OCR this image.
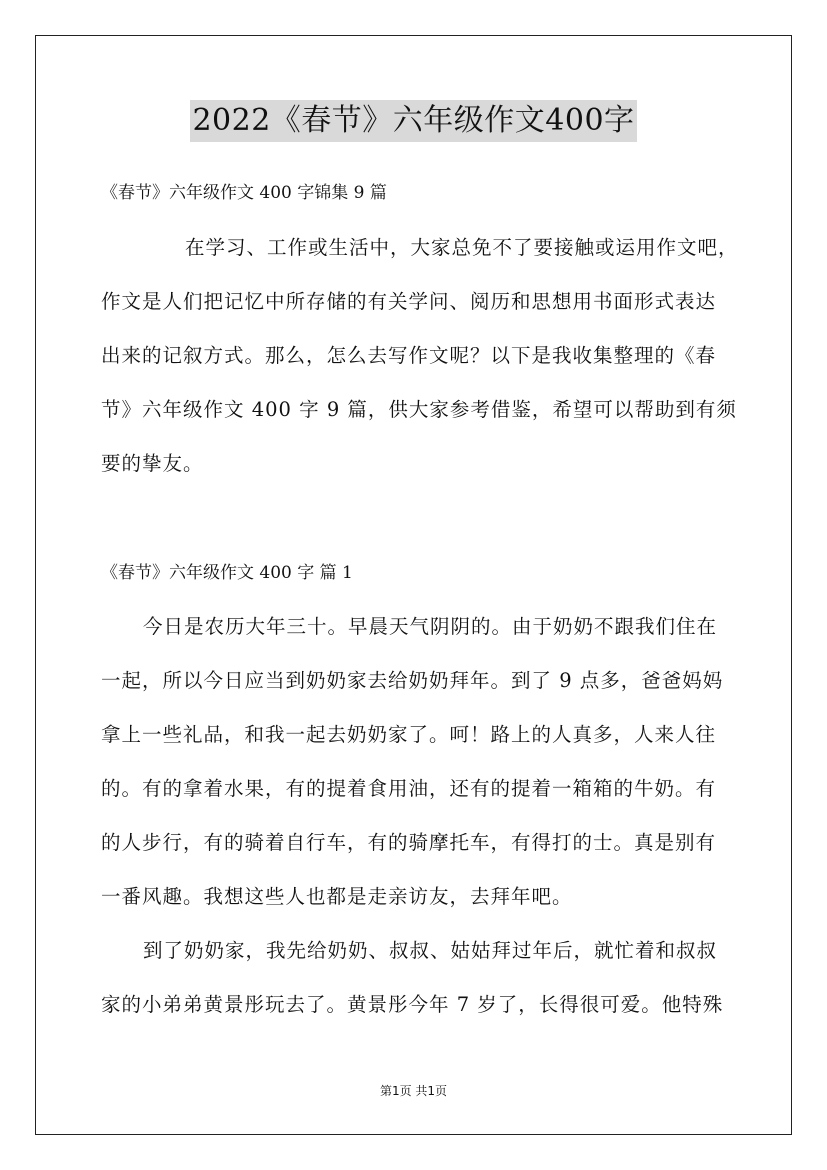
2022《春节》六年级作文400字
《春节》六年级作文 400 字锦集 9 篇
在学习、工作或生活中，大家总免不了要接触或运用作文吧，
作文是人们把记忆中所存储的有关学问、阅历和思想用书面形式表达
出来的记叙方式。那么，怎么去写作文呢？以下是我收集整理的《春
节》六年级作文 400 字 9 篇，供大家参考借鉴，希望可以帮助到有须
要的挚友。
《春节》六年级作文 400 字 篇 1
今日是农历大年三十。早晨天气阴阴的。由于奶奶不跟我们住在
一起，所以今日应当到奶奶家去给奶奶拜年。到了 9 点多，爸爸妈妈
拿上一些礼品，和我一起去奶奶家了。呵！路上的人真多，人来人往
的。有的拿着水果，有的提着食用油，还有的提着一箱箱的牛奶。有
的人步行，有的骑着自行车，有的骑摩托车，有得打的士。真是别有
一番风趣。我想这些人也都是走亲访友，去拜年吧。
到了奶奶家，我先给奶奶、叔叔、姑姑拜过年后，就忙着和叔叔
家的小弟弟黄景彤玩去了。黄景彤今年 7 岁了，长得很可爱。他特殊
第1页 共1页
